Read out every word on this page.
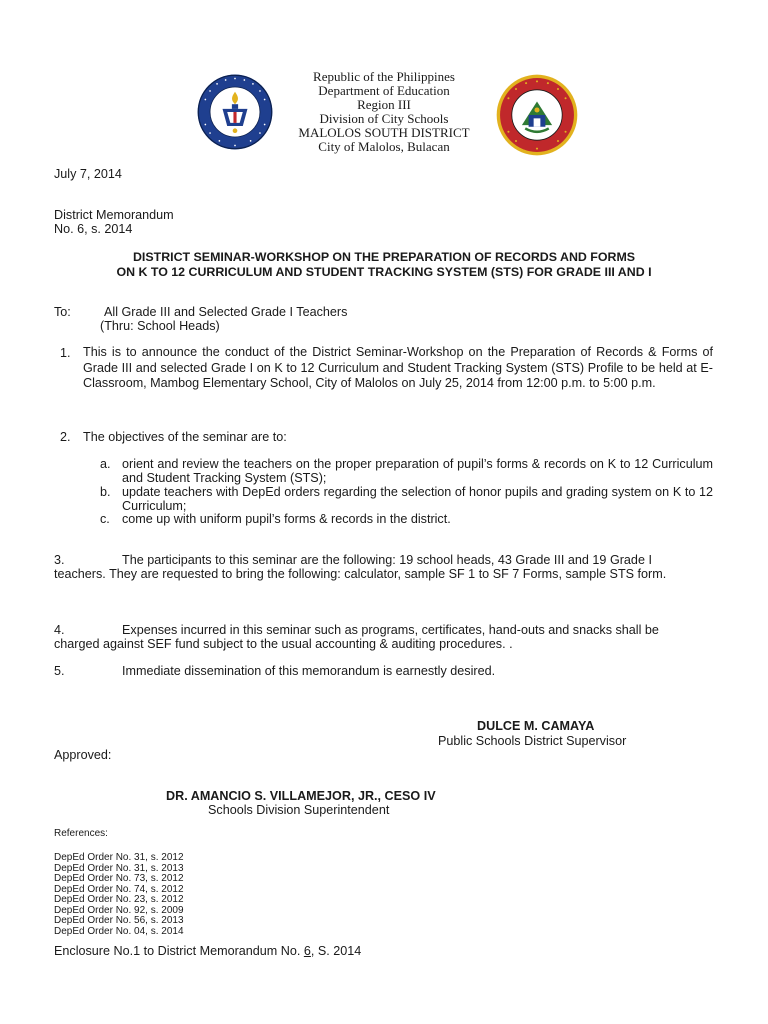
Republic of the Philippines
Department of Education
Region III
Division of City Schools
MALOLOS SOUTH DISTRICT
City of Malolos, Bulacan
July 7, 2014
District Memorandum
No. 6, s. 2014
DISTRICT SEMINAR-WORKSHOP ON THE PREPARATION OF RECORDS AND FORMS
ON K TO 12 CURRICULUM AND STUDENT TRACKING SYSTEM (STS) FOR GRADE III AND I
To:	All Grade III and Selected Grade I Teachers
(Thru: School Heads)
1. This is to announce the conduct of the District Seminar-Workshop on the Preparation of Records & Forms of Grade III and selected Grade I on K to 12 Curriculum and Student Tracking System (STS) Profile to be held at E-Classroom, Mambog Elementary School, City of Malolos on July 25, 2014 from 12:00 p.m. to 5:00 p.m.
2. The objectives of the seminar are to:
a. orient and review the teachers on the proper preparation of pupil’s forms & records on K to 12 Curriculum and Student Tracking System (STS);
b. update teachers with DepEd orders regarding the selection of honor pupils and grading system on K to 12 Curriculum;
c. come up with uniform pupil’s forms & records in the district.
3.	The participants to this seminar are the following: 19 school heads, 43 Grade III and 19 Grade I
teachers. They are requested to bring the following: calculator, sample SF 1 to SF 7 Forms, sample STS form.
4.	Expenses incurred in this seminar such as programs, certificates, hand-outs and snacks shall be
charged against SEF fund subject to the usual accounting & auditing procedures. .
5.	Immediate dissemination of this memorandum is earnestly desired.
DULCE M. CAMAYA
Public Schools District Supervisor
Approved:
DR. AMANCIO S. VILLAMEJOR, JR., CESO IV
Schools Division Superintendent
References:
DepEd Order No. 31, s. 2012
DepEd Order No. 31, s. 2013
DepEd Order No. 73, s. 2012
DepEd Order No. 74, s. 2012
DepEd Order No. 23, s. 2012
DepEd Order No. 92, s. 2009
DepEd Order No. 56, s. 2013
DepEd Order No. 04, s. 2014
Enclosure No.1 to District Memorandum No. 6, S. 2014
